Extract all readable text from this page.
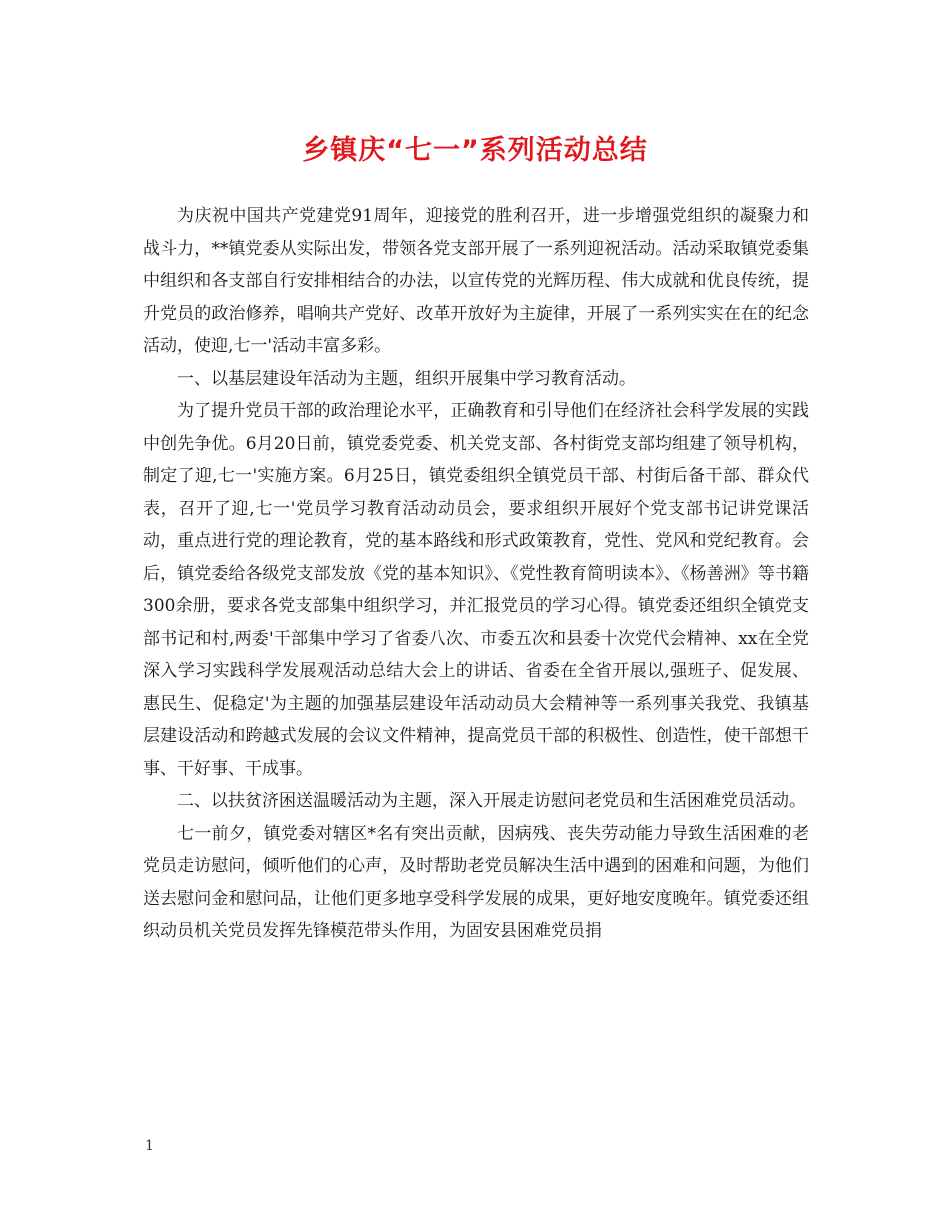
乡镇庆“七一”系列活动总结

为庆祝中国共产党建党91周年，迎接党的胜利召开，进一步增强党组织的凝聚力和战斗力，**镇党委从实际出发，带领各党支部开展了一系列迎祝活动。活动采取镇党委集中组织和各支部自行安排相结合的办法，以宣传党的光辉历程、伟大成就和优良传统，提升党员的政治修养，唱响共产党好、改革开放好为主旋律，开展了一系列实实在在的纪念活动，使迎,七一'活动丰富多彩。

一、以基层建设年活动为主题，组织开展集中学习教育活动。

为了提升党员干部的政治理论水平，正确教育和引导他们在经济社会科学发展的实践中创先争优。6月20日前，镇党委党委、机关党支部、各村街党支部均组建了领导机构，制定了迎,七一'实施方案。6月25日，镇党委组织全镇党员干部、村街后备干部、群众代表，召开了迎,七一'党员学习教育活动动员会，要求组织开展好个党支部书记讲党课活动，重点进行党的理论教育，党的基本路线和形式政策教育，党性、党风和党纪教育。会后，镇党委给各级党支部发放《党的基本知识》、《党性教育简明读本》、《杨善洲》等书籍300余册，要求各党支部集中组织学习，并汇报党员的学习心得。镇党委还组织全镇党支部书记和村,两委'干部集中学习了省委八次、市委五次和县委十次党代会精神、xx在全党深入学习实践科学发展观活动总结大会上的讲话、省委在全省开展以,强班子、促发展、惠民生、促稳定'为主题的加强基层建设年活动动员大会精神等一系列事关我党、我镇基层建设活动和跨越式发展的会议文件精神，提高党员干部的积极性、创造性，使干部想干事、干好事、干成事。

二、以扶贫济困送温暖活动为主题，深入开展走访慰问老党员和生活困难党员活动。

七一前夕，镇党委对辖区*名有突出贡献，因病残、丧失劳动能力导致生活困难的老党员走访慰问，倾听他们的心声，及时帮助老党员解决生活中遇到的困难和问题，为他们送去慰问金和慰问品，让他们更多地享受科学发展的成果，更好地安度晚年。镇党委还组织动员机关党员发挥先锋模范带头作用，为固安县困难党员捐

1
